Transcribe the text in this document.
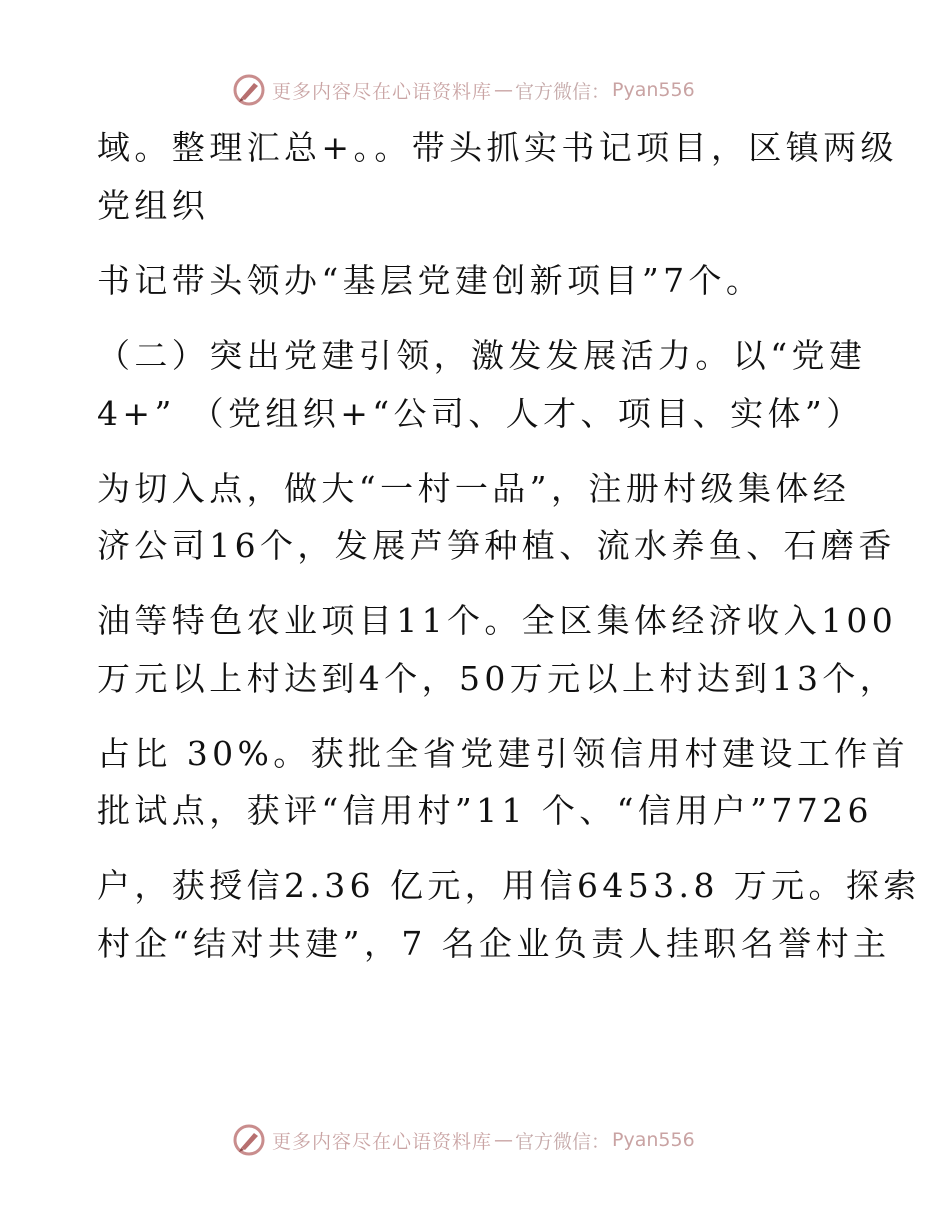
更多内容尽在心语资料库 — 官方微信： Pyan556
域。整理汇总+。。带头抓实书记项目，区镇两级
党组织
书记带头领办“基层党建创新项目”7个。
（二）突出党建引领，激发发展活力。以“党建
4+” （党组织+“公司、人才、项目、实体”）
为切入点，做大“一村一品”，注册村级集体经
济公司16个，发展芦笋种植、流水养鱼、石磨香
油等特色农业项目11个。全区集体经济收入100
万元以上村达到4个，50万元以上村达到13个，
占比 30%。获批全省党建引领信用村建设工作首
批试点，获评“信用村”11 个、“信用户”7726
户，获授信2.36 亿元，用信6453.8 万元。探索
村企“结对共建”，7 名企业负责人挂职名誉村主
更多内容尽在心语资料库 — 官方微信： Pyan556
